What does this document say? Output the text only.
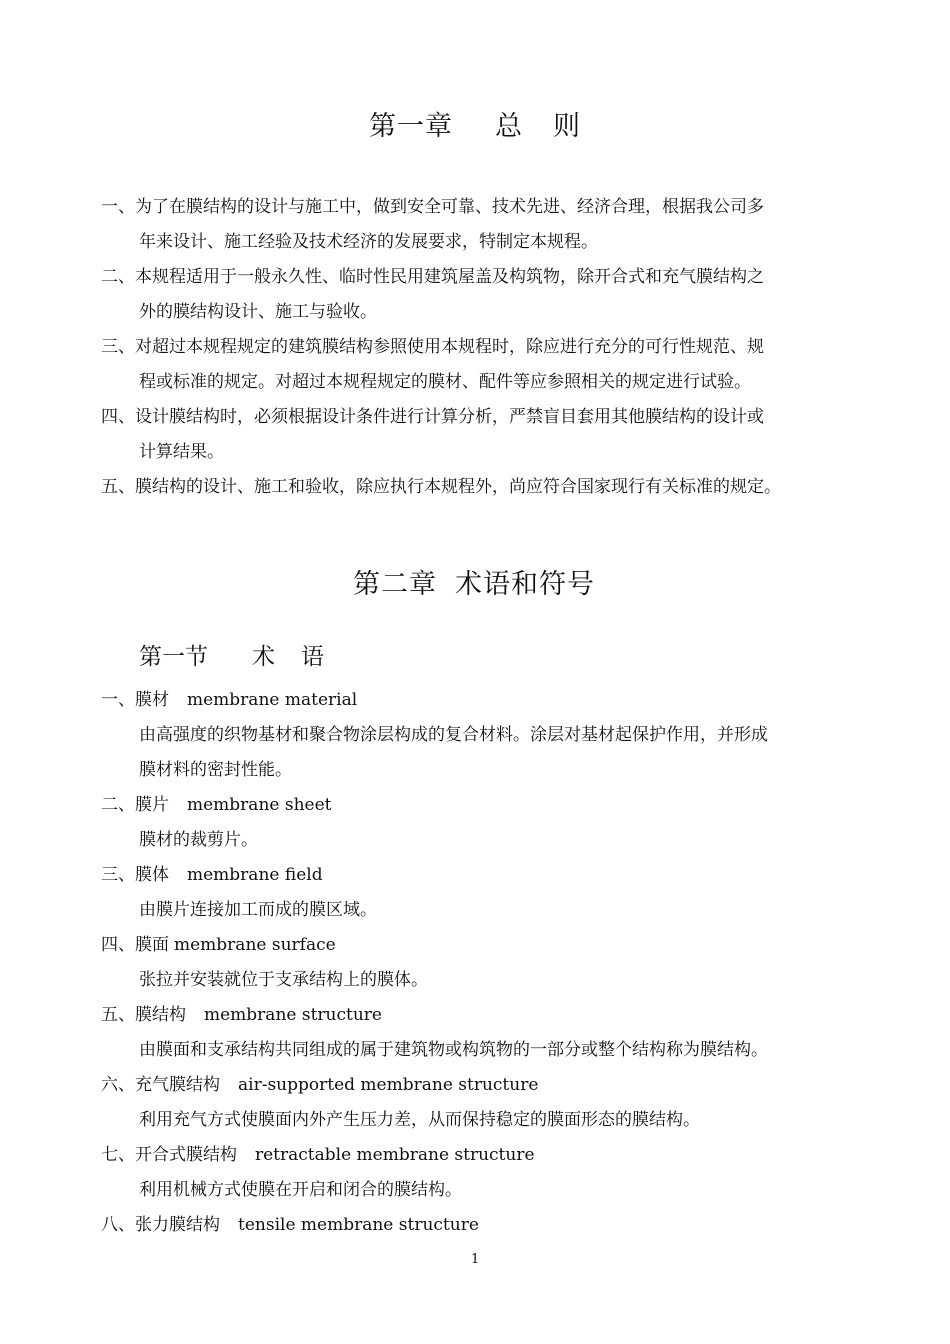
第一章 总 则
一、为了在膜结构的设计与施工中，做到安全可靠、技术先进、经济合理，根据我公司多
年来设计、施工经验及技术经济的发展要求，特制定本规程。
二、本规程适用于一般永久性、临时性民用建筑屋盖及构筑物，除开合式和充气膜结构之
外的膜结构设计、施工与验收。
三、对超过本规程规定的建筑膜结构参照使用本规程时，除应进行充分的可行性规范、规
程或标准的规定。对超过本规程规定的膜材、配件等应参照相关的规定进行试验。
四、设计膜结构时，必须根据设计条件进行计算分析，严禁盲目套用其他膜结构的设计或
计算结果。
五、膜结构的设计、施工和验收，除应执行本规程外，尚应符合国家现行有关标准的规定。
第二章 术语和符号
第一节 术 语
一、膜材 membrane material
由高强度的织物基材和聚合物涂层构成的复合材料。涂层对基材起保护作用，并形成
膜材料的密封性能。
二、膜片 membrane sheet
膜材的裁剪片。
三、膜体 membrane field
由膜片连接加工而成的膜区域。
四、膜面 membrane surface
张拉并安装就位于支承结构上的膜体。
五、膜结构 membrane structure
由膜面和支承结构共同组成的属于建筑物或构筑物的一部分或整个结构称为膜结构。
六、充气膜结构 air-supported membrane structure
利用充气方式使膜面内外产生压力差，从而保持稳定的膜面形态的膜结构。
七、开合式膜结构 retractable membrane structure
利用机械方式使膜在开启和闭合的膜结构。
八、张力膜结构 tensile membrane structure
1
